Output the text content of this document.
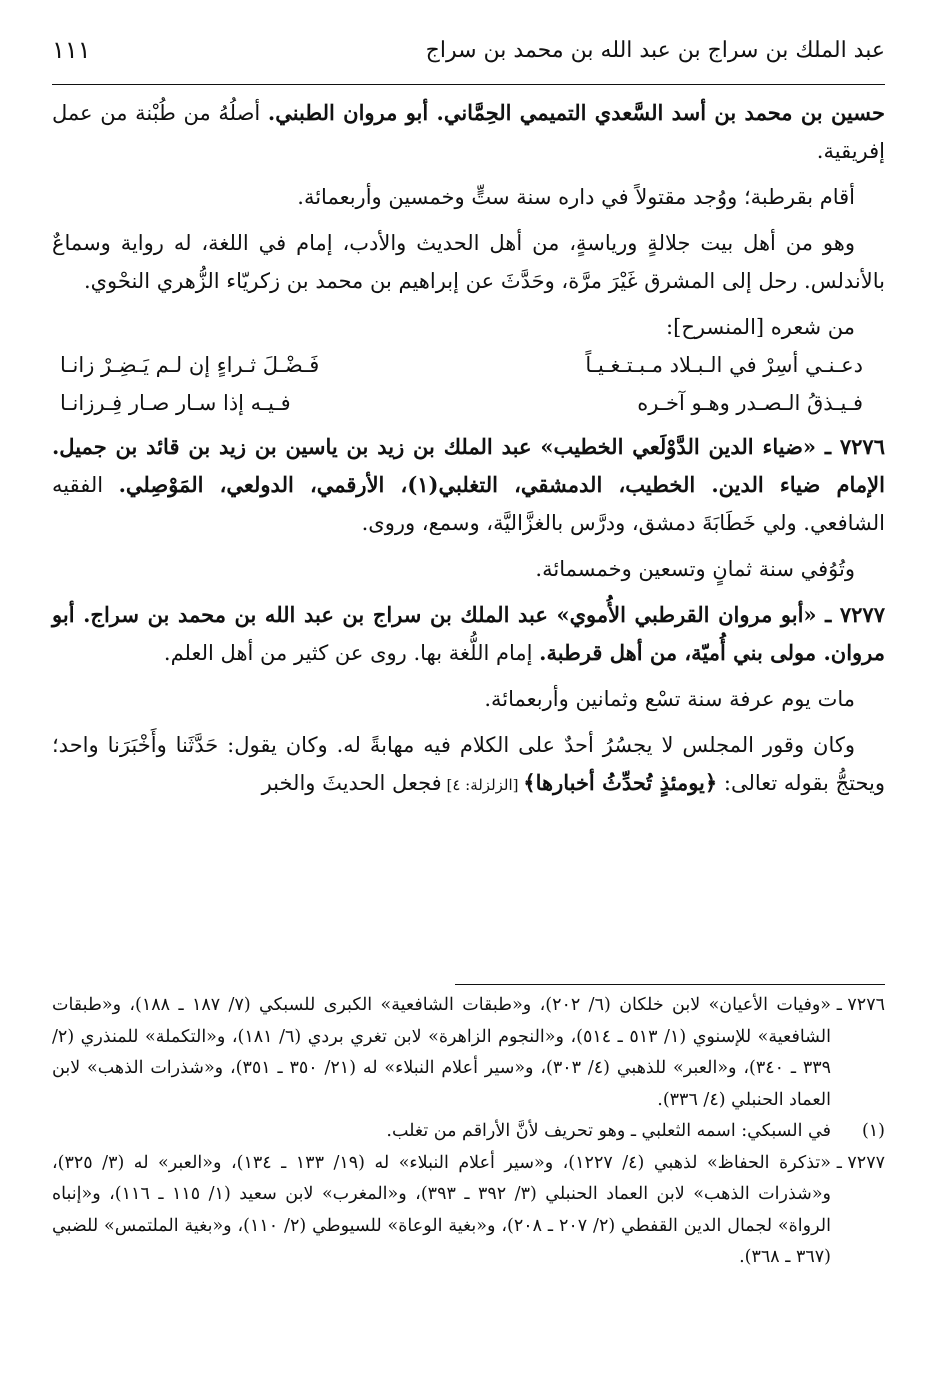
عبد الملك بن سراج بن عبد الله بن محمد بن سراج
١١١

حسين بن محمد بن أسد السَّعدي التميمي الحِمَّاني. أبو مروان الطبني. أصلُهُ من طُبْنة من عمل إفريقية.

أقام بقرطبة؛ ووُجد مقتولاً في داره سنة ستٍّ وخمسين وأربعمائة.

وهو من أهل بيت جلالةٍ ورياسةٍ، من أهل الحديث والأدب، إمام في اللغة، له رواية وسماعٌ بالأندلس. رحل إلى المشرق غَيْرَ مرَّة، وحَدَّثَ عن إبراهيم بن محمد بن زكريّاء الزُّهري النحْوي.

من شعره [المنسرح]:

دعـنـي أسِرْ في الـبـلاد مـبـتـغـيـاً
فَـضْـلَ ثـراءٍ إن لـم يَـضِـرْ زانـا
فـيـذقُ الـصـدر وهـو آخـره
فـيـه إذا سـار صـار فِـرزانـا

٧٢٧٦ ـ «ضياء الدين الدَّوْلَعي الخطيب» عبد الملك بن زيد بن ياسين بن زيد بن قائد بن جميل. الإمام ضياء الدين. الخطيب، الدمشقي، التغلبي(١)، الأرقمي، الدولعي، المَوْصِلي. الفقيه الشافعي. ولي خَطَابَةَ دمشق، ودرَّس بالغزَّاليَّة، وسمع، وروى.

وتُوُفي سنة ثمانٍ وتسعين وخمسمائة.

٧٢٧٧ ـ «أبو مروان القرطبي الأُموي» عبد الملك بن سراج بن عبد الله بن محمد بن سراج. أبو مروان. مولى بني أُميّة، من أهل قرطبة. إمام اللُّغة بها. روى عن كثير من أهل العلم.

مات يوم عرفة سنة تسْع وثمانين وأربعمائة.

وكان وقور المجلس لا يجسُرُ أحدٌ على الكلام فيه مهابةً له. وكان يقول: حَدَّثَنا وأَخْبَرَنا واحد؛ ويحتجُّ بقوله تعالى: ﴿يومئذٍ تُحدِّثُ أخبارها﴾ [الزلزلة: ٤] فجعل الحديثَ والخبر

٧٢٧٦ ـ
«وفيات الأعيان» لابن خلكان (٦/ ٢٠٢)، و«طبقات الشافعية» الكبرى للسبكي (٧/ ١٨٧ ـ ١٨٨)، و«طبقات الشافعية» للإسنوي (١/ ٥١٣ ـ ٥١٤)، و«النجوم الزاهرة» لابن تغري بردي (٦/ ١٨١)، و«التكملة» للمنذري (٢/ ٣٣٩ ـ ٣٤٠)، و«العبر» للذهبي (٤/ ٣٠٣)، و«سير أعلام النبلاء» له (٢١/ ٣٥٠ ـ ٣٥١)، و«شذرات الذهب» لابن العماد الحنبلي (٤/ ٣٣٦).

(١)
في السبكي: اسمه الثعلبي ـ وهو تحريف لأنَّ الأراقم من تغلب.

٧٢٧٧ ـ
«تذكرة الحفاظ» لذهبي (٤/ ١٢٢٧)، و«سير أعلام النبلاء» له (١٩/ ١٣٣ ـ ١٣٤)، و«العبر» له (٣/ ٣٢٥)، و«شذرات الذهب» لابن العماد الحنبلي (٣/ ٣٩٢ ـ ٣٩٣)، و«المغرب» لابن سعيد (١/ ١١٥ ـ ١١٦)، و«إنباه الرواة» لجمال الدين القفطي (٢/ ٢٠٧ ـ ٢٠٨)، و«بغية الوعاة» للسيوطي (٢/ ١١٠)، و«بغية الملتمس» للضبي (٣٦٧ ـ ٣٦٨).
